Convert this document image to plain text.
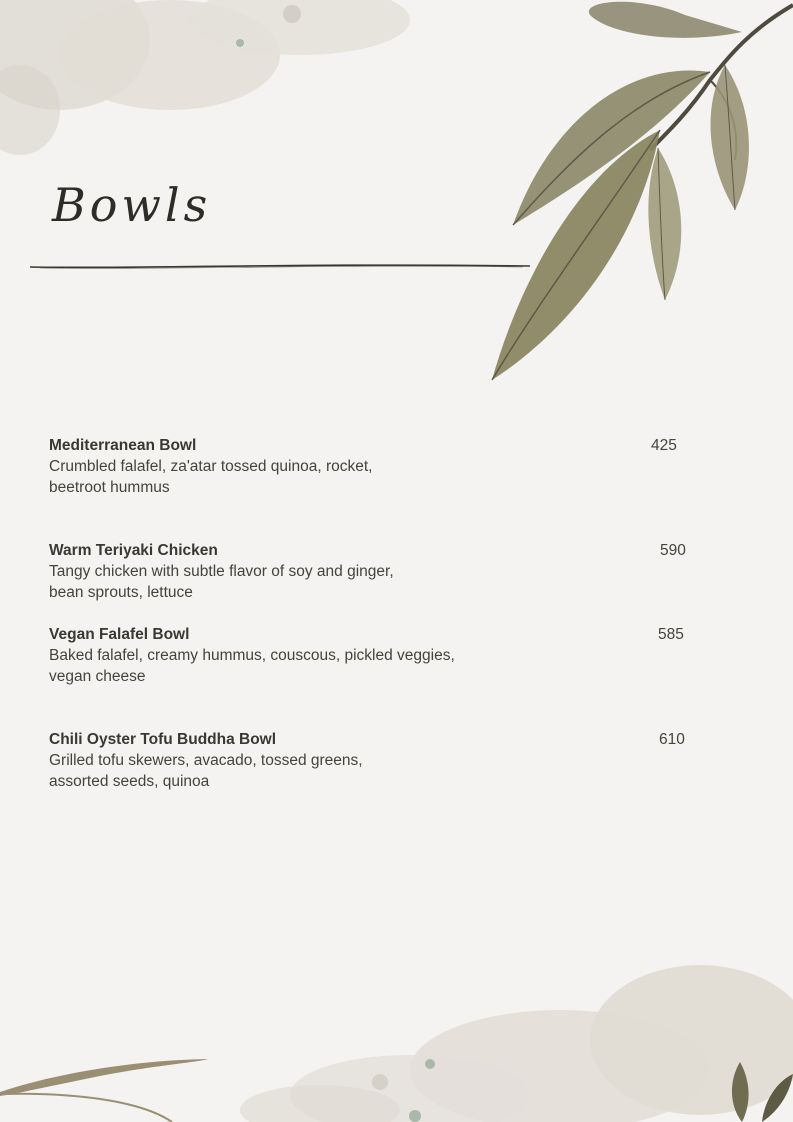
Bowls
Mediterranean Bowl
Crumbled falafel, za'atar tossed quinoa, rocket,
beetroot hummus
425
Warm Teriyaki Chicken
Tangy chicken with subtle flavor of soy and ginger,
bean sprouts, lettuce
590
Vegan Falafel Bowl
Baked falafel, creamy hummus, couscous, pickled veggies,
vegan cheese
585
Chili Oyster Tofu Buddha Bowl
Grilled tofu skewers, avacado, tossed greens,
assorted seeds, quinoa
610
